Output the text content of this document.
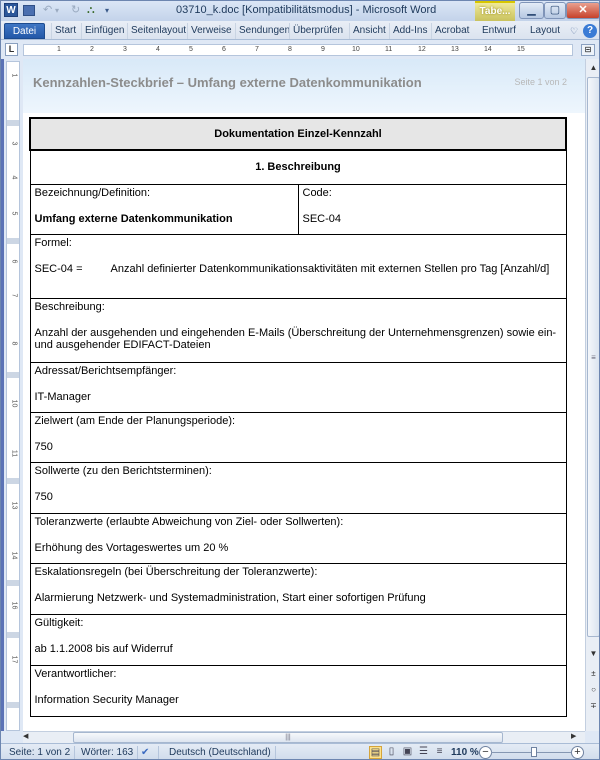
W ↶ ▾ ↻ ⛬ ▾	03710_k.doc [Kompatibilitätsmodus] - Microsoft Word	Tabe...	▁	▢	✕
Datei	Start Einfügen Seitenlayout Verweise Sendungen Überprüfen Ansicht Add-Ins Acrobat	Entwurf	Layout	♡ ?
L	1	2	3	4	5	6	7	8	9	10	11	12	13	14	15	⊟
1
3
4
5
6
7
8
10
11
13
14
16
17
Kennzahlen-Steckbrief – Umfang externe Datenkommunikation	Seite 1 von 2
Dokumentation Einzel-Kennzahl
1. Beschreibung

Bezeichnung/Definition:
Umfang externe Datenkommunikation	
Code:
SEC-04

Formel:
SEC-04 =	Anzahl definierter Datenkommunikationsaktivitäten mit externen Stellen pro Tag [Anzahl/d]

Beschreibung:
Anzahl der ausgehenden und eingehenden E-Mails (Überschreitung der Unternehmensgrenzen) sowie ein- und ausgehender EDIFACT-Dateien

Adressat/Berichtsempfänger:
IT-Manager

Zielwert (am Ende der Planungsperiode):
750

Sollwerte (zu den Berichtsterminen):
750

Toleranzwerte (erlaubte Abweichung von Ziel- oder Sollwerten):
Erhöhung des Vortageswertes um 20 %

Eskalationsregeln (bei Überschreitung der Toleranzwerte):
Alarmierung Netzwerk- und Systemadministration, Start einer sofortigen Prüfung

Gültigkeit:
ab 1.1.2008 bis auf Widerruf

Verantwortlicher:
Information Security Manager
▲
≡
▼
±
○
∓
◀	|||	▶
Seite: 1 von 2	Wörter: 163 ✔	Deutsch (Deutschland)	▤ ▯ ▣ ☰ ≡ 110 % −	+
